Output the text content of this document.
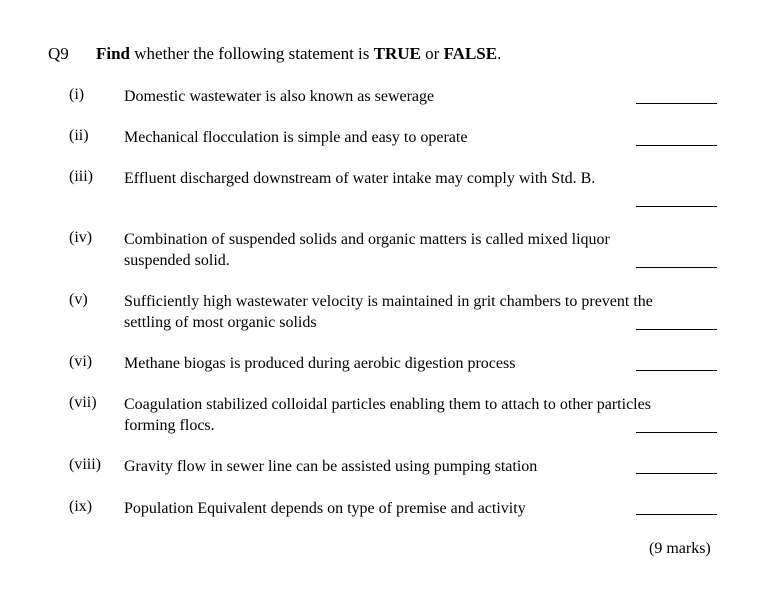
Q9 Find whether the following statement is TRUE or FALSE.
(i) Domestic wastewater is also known as sewerage
(ii) Mechanical flocculation is simple and easy to operate
(iii) Effluent discharged downstream of water intake may comply with Std. B.
(iv) Combination of suspended solids and organic matters is called mixed liquor
suspended solid.
(v) Sufficiently high wastewater velocity is maintained in grit chambers to prevent the
settling of most organic solids
(vi) Methane biogas is produced during aerobic digestion process
(vii) Coagulation stabilized colloidal particles enabling them to attach to other particles
forming flocs.
(viii) Gravity flow in sewer line can be assisted using pumping station
(ix) Population Equivalent depends on type of premise and activity
(9 marks)
